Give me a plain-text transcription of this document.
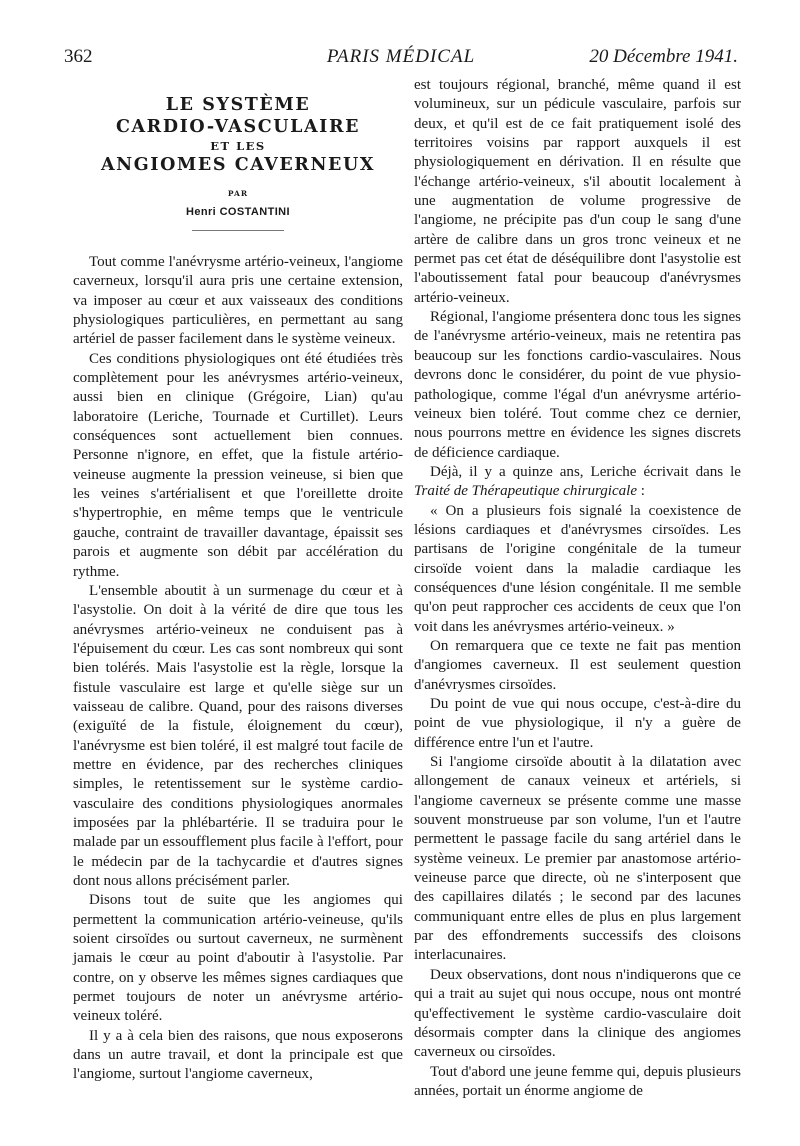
362	PARIS MÉDICAL	20 Décembre 1941.
LE SYSTÈME
CARDIO-VASCULAIRE
ET LES
ANGIOMES CAVERNEUX
PAR
Henri COSTANTINI

Tout comme l'anévrysme artério-veineux, l'angiome caverneux, lorsqu'il aura pris une certaine extension, va imposer au cœur et aux vaisseaux des conditions physiologiques particulières, en permettant au sang artériel de passer facilement dans le système veineux.

Ces conditions physiologiques ont été étudiées très complètement pour les anévrysmes artério-veineux, aussi bien en clinique (Grégoire, Lian) qu'au laboratoire (Leriche, Tournade et Curtillet). Leurs conséquences sont actuellement bien connues. Personne n'ignore, en effet, que la fistule artério-veineuse augmente la pression veineuse, si bien que les veines s'artérialisent et que l'oreillette droite s'hypertrophie, en même temps que le ventricule gauche, contraint de travailler davantage, épaissit ses parois et augmente son débit par accélération du rythme.

L'ensemble aboutit à un surmenage du cœur et à l'asystolie. On doit à la vérité de dire que tous les anévrysmes artério-veineux ne conduisent pas à l'épuisement du cœur. Les cas sont nombreux qui sont bien tolérés. Mais l'asystolie est la règle, lorsque la fistule vasculaire est large et qu'elle siège sur un vaisseau de calibre. Quand, pour des raisons diverses (exiguïté de la fistule, éloignement du cœur), l'anévrysme est bien toléré, il est malgré tout facile de mettre en évidence, par des recherches cliniques simples, le retentissement sur le système cardio-vasculaire des conditions physiologiques anormales imposées par la phlébartérie. Il se traduira pour le malade par un essoufflement plus facile à l'effort, pour le médecin par de la tachycardie et d'autres signes dont nous allons précisément parler.

Disons tout de suite que les angiomes qui permettent la communication artério-veineuse, qu'ils soient cirsoïdes ou surtout caverneux, ne surmènent jamais le cœur au point d'aboutir à l'asystolie. Par contre, on y observe les mêmes signes cardiaques que permet toujours de noter un anévrysme artério-veineux toléré.

Il y a à cela bien des raisons, que nous exposerons dans un autre travail, et dont la principale est que l'angiome, surtout l'angiome caverneux,

est toujours régional, branché, même quand il est volumineux, sur un pédicule vasculaire, parfois sur deux, et qu'il est de ce fait pratiquement isolé des territoires voisins par rapport auxquels il est physiologiquement en dérivation. Il en résulte que l'échange artério-veineux, s'il aboutit localement à une augmentation de volume progressive de l'angiome, ne précipite pas d'un coup le sang d'une artère de calibre dans un gros tronc veineux et ne permet pas cet état de déséquilibre dont l'asystolie est l'aboutissement fatal pour beaucoup d'anévrysmes artério-veineux.

Régional, l'angiome présentera donc tous les signes de l'anévrysme artério-veineux, mais ne retentira pas beaucoup sur les fonctions cardio-vasculaires. Nous devrons donc le considérer, du point de vue physio-pathologique, comme l'égal d'un anévrysme artério-veineux bien toléré. Tout comme chez ce dernier, nous pourrons mettre en évidence les signes discrets de déficience cardiaque.

Déjà, il y a quinze ans, Leriche écrivait dans le Traité de Thérapeutique chirurgicale :

« On a plusieurs fois signalé la coexistence de lésions cardiaques et d'anévrysmes cirsoïdes. Les partisans de l'origine congénitale de la tumeur cirsoïde voient dans la maladie cardiaque les conséquences d'une lésion congénitale. Il me semble qu'on peut rapprocher ces accidents de ceux que l'on voit dans les anévrysmes artério-veineux. »

On remarquera que ce texte ne fait pas mention d'angiomes caverneux. Il est seulement question d'anévrysmes cirsoïdes.

Du point de vue qui nous occupe, c'est-à-dire du point de vue physiologique, il n'y a guère de différence entre l'un et l'autre.

Si l'angiome cirsoïde aboutit à la dilatation avec allongement de canaux veineux et artériels, si l'angiome caverneux se présente comme une masse souvent monstrueuse par son volume, l'un et l'autre permettent le passage facile du sang artériel dans le système veineux. Le premier par anastomose artério-veineuse parce que directe, où ne s'interposent que des capillaires dilatés ; le second par des lacunes communiquant entre elles de plus en plus largement par des effondrements successifs des cloisons interlacunaires.

Deux observations, dont nous n'indiquerons que ce qui a trait au sujet qui nous occupe, nous ont montré qu'effectivement le système cardio-vasculaire doit désormais compter dans la clinique des angiomes caverneux ou cirsoïdes.

Tout d'abord une jeune femme qui, depuis plusieurs années, portait un énorme angiome de
